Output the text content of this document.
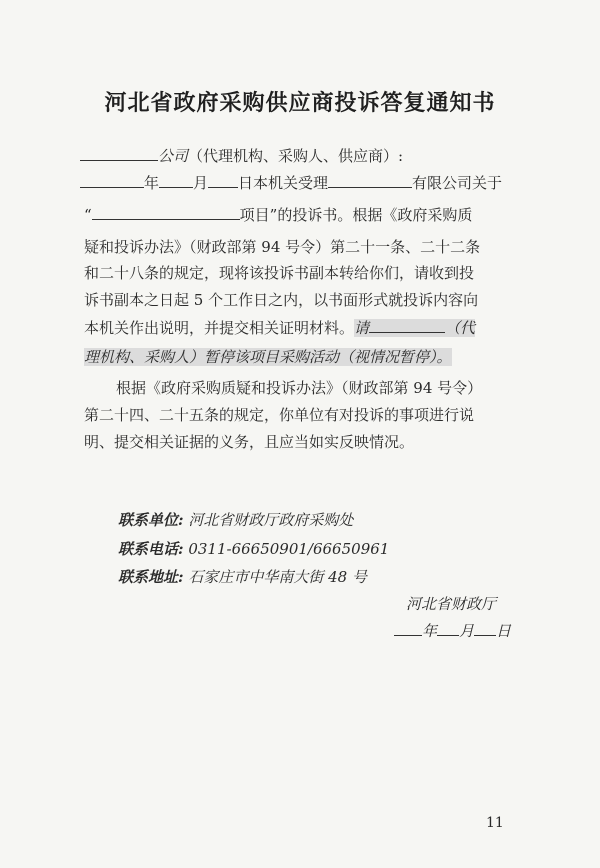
河北省政府采购供应商投诉答复通知书
公司（代理机构、采购人、供应商）:
年 月 日本机关受理	有限公司关于
“	项目”的投诉书。根据《政府采购质
疑和投诉办法》（财政部第 94 号令）第二十一条、二十二条
和二十八条的规定，现将该投诉书副本转给你们，请收到投
诉书副本之日起 5 个工作日之内，以书面形式就投诉内容向
本机关作出说明，并提交相关证明材料。请	（代
理机构、采购人）暂停该项目采购活动（视情况暂停）。
根据《政府采购质疑和投诉办法》（财政部第 94 号令）
第二十四、二十五条的规定，你单位有对投诉的事项进行说
明、提交相关证据的义务，且应当如实反映情况。
联系单位: 河北省财政厅政府采购处
联系电话: 0311-66650901/66650961
联系地址: 石家庄市中华南大街 48 号
河北省财政厅
年 月 日
11
